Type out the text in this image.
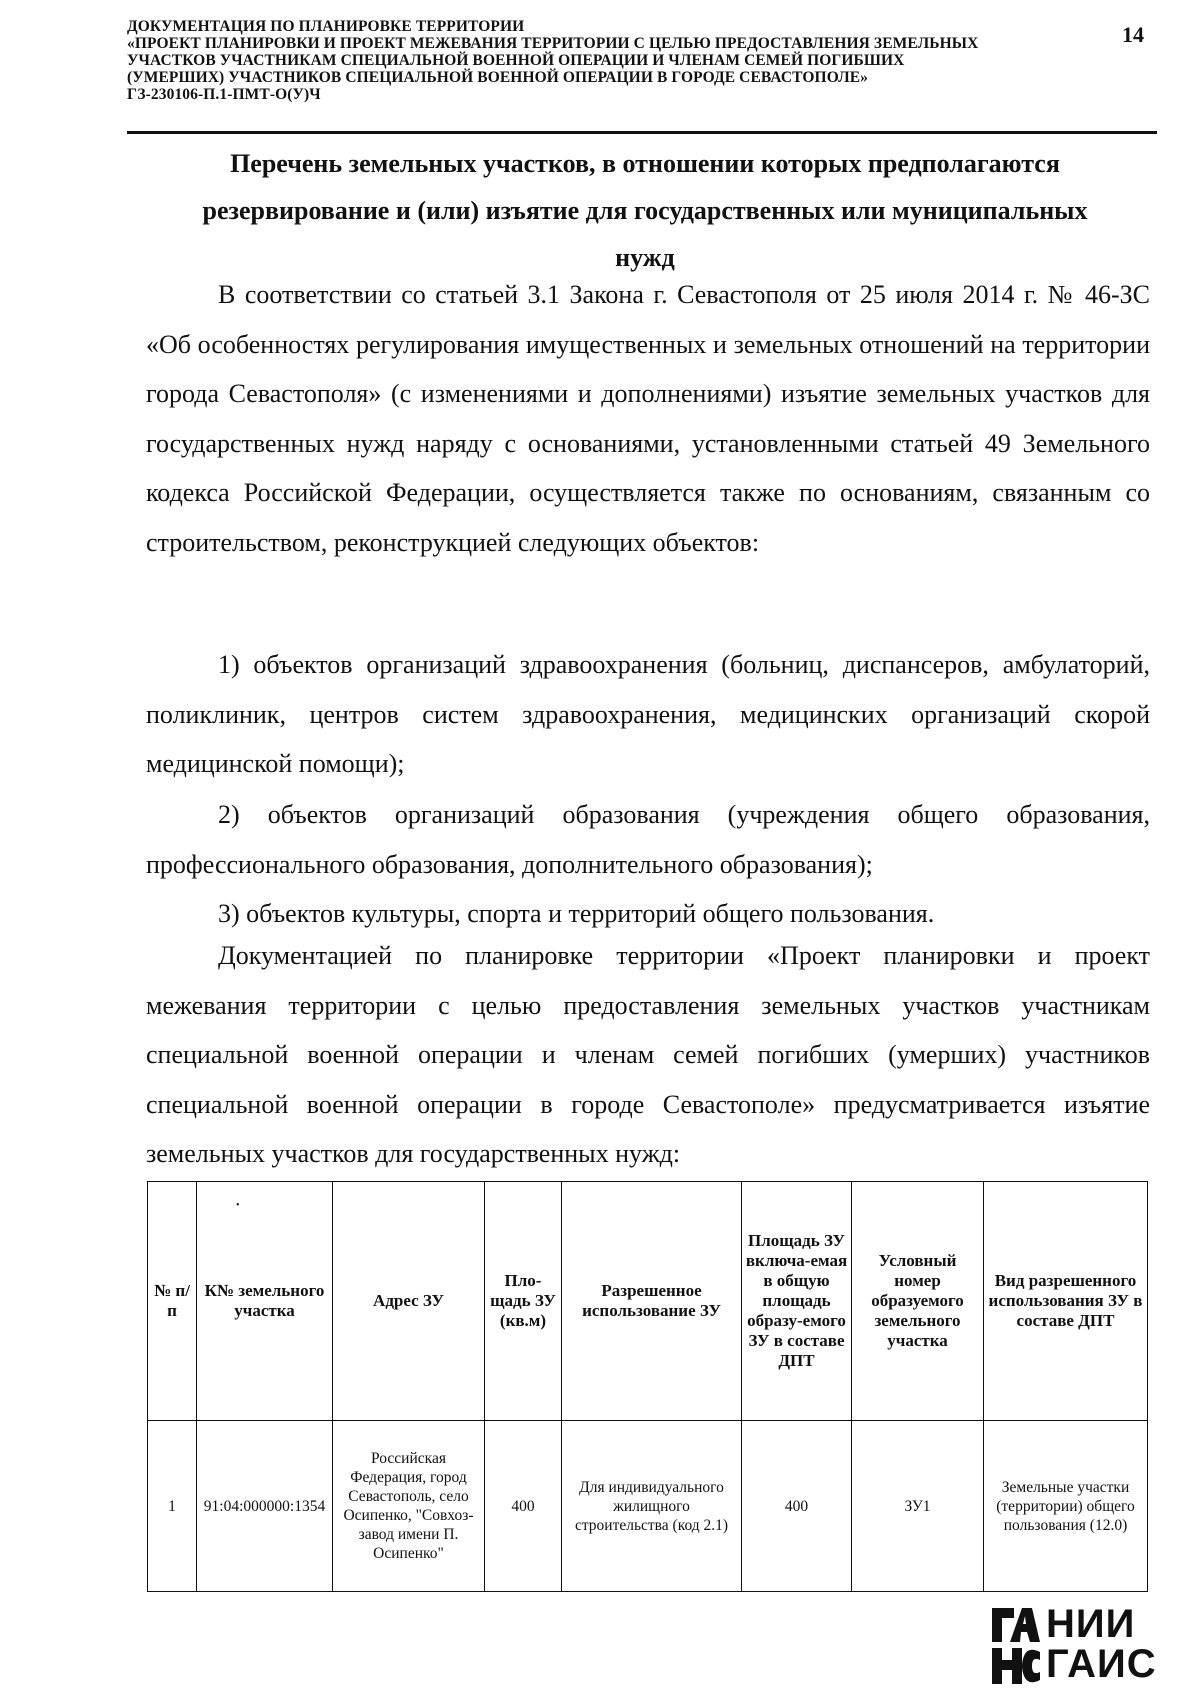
ДОКУМЕНТАЦИЯ ПО ПЛАНИРОВКЕ ТЕРРИТОРИИ
«ПРОЕКТ ПЛАНИРОВКИ И ПРОЕКТ МЕЖЕВАНИЯ ТЕРРИТОРИИ С ЦЕЛЬЮ ПРЕДОСТАВЛЕНИЯ ЗЕМЕЛЬНЫХ
УЧАСТКОВ УЧАСТНИКАМ СПЕЦИАЛЬНОЙ ВОЕННОЙ ОПЕРАЦИИ И ЧЛЕНАМ СЕМЕЙ ПОГИБШИХ
(УМЕРШИХ) УЧАСТНИКОВ СПЕЦИАЛЬНОЙ ВОЕННОЙ ОПЕРАЦИИ В ГОРОДЕ СЕВАСТОПОЛЕ»
ГЗ-230106-П.1-ПМТ-О(У)Ч
14
Перечень земельных участков, в отношении которых предполагаются
резервирование и (или) изъятие для государственных или муниципальных
нужд

В соответствии со статьей 3.1 Закона г. Севастополя от 25 июля 2014 г. № 46-ЗС «Об особенностях регулирования имущественных и земельных отношений на территории города Севастополя» (с изменениями и дополнениями) изъятие земельных участков для государственных нужд наряду с основаниями, установленными статьей 49 Земельного кодекса Российской Федерации, осуществляется также по основаниям, связанным со строительством, реконструкцией следующих объектов:

1) объектов организаций здравоохранения (больниц, диспансеров, амбулаторий, поликлиник, центров систем здравоохранения, медицинских организаций скорой медицинской помощи);

2) объектов организаций образования (учреждения общего образования, профессионального образования, дополнительного образования);

3) объектов культуры, спорта и территорий общего пользования.

Документацией по планировке территории «Проект планировки и проект межевания территории с целью предоставления земельных участков участникам специальной военной операции и членам семей погибших (умерших) участников специальной военной операции в городе Севастополе» предусматривается изъятие земельных участков для государственных нужд:

№ п/п	К№ земельного участка	Адрес ЗУ	Пло-щадь ЗУ (кв.м)	Разрешенное использование ЗУ	Площадь ЗУ включа-емая в общую площадь образу-емого ЗУ в составе ДПТ	Условный номер образуемого земельного участка	Вид разрешенного использования ЗУ в составе ДПТ
1	91:04:000000:1354	Российская Федерация, город Севастополь, село Осипенко, "Совхоз-завод имени П. Осипенко"	400	Для индивидуального жилищного строительства (код 2.1)	400	ЗУ1	Земельные участки (территории) общего пользования (12.0)
•
НИИ
ГАИС
